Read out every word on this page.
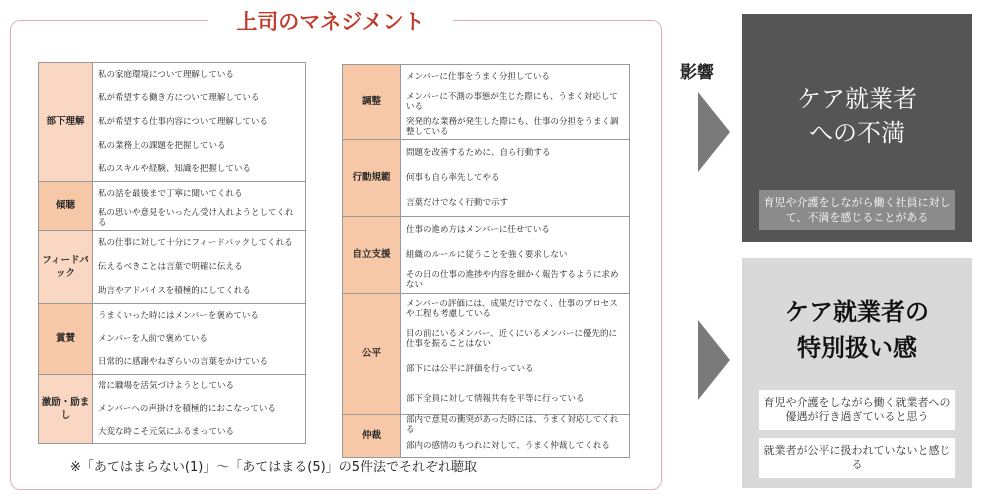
上司のマネジメント
部下理解	私の家庭環境について理解している
私が希望する働き方について理解している
私が希望する仕事内容について理解している
私の業務上の課題を把握している
私のスキルや経験、知識を把握している

傾聴	私の話を最後まで丁寧に聞いてくれる
私の思いや意見をいったん受け入れようとしてくれる

フィードバック	私の仕事に対して十分にフィードバックしてくれる
伝えるべきことは言葉で明確に伝える
助言やアドバイスを積極的にしてくれる

賞賛	うまくいった時にはメンバーを褒めている
メンバーを人前で褒めている
日常的に感謝やねぎらいの言葉をかけている

激励・励まし	常に職場を活気づけようとしている
メンバーへの声掛けを積極的におこなっている
大変な時こそ元気にふるまっている
調整	メンバーに仕事をうまく分担している
メンバーに不測の事態が生じた際にも、うまく対応している
突発的な業務が発生した際にも、仕事の分担をうまく調整している

行動規範	問題を改善するために、自ら行動する
何事も自ら率先してやる
言葉だけでなく行動で示す

自立支援	仕事の進め方はメンバーに任せている
組織のルールに従うことを強く要求しない
その日の仕事の進捗や内容を細かく報告するように求めない

公平	メンバーの評価には、成果だけでなく、仕事のプロセスや工程も考慮している
目の前にいるメンバー、近くにいるメンバーに優先的に仕事を振ることはない
部下には公平に評価を行っている
部下全員に対して情報共有を平等に行っている

仲裁	部内で意見の衝突があった時には、うまく対応してくれる
部内の感情のもつれに対して、うまく仲裁してくれる
※「あてはまらない(1)」～「あてはまる(5)」の5件法でそれぞれ聴取
影響
ケア就業者
への不満
育児や介護をしながら働く社員に対して、不満を感じることがある
ケア就業者の
特別扱い感
育児や介護をしながら働く就業者への優遇が行き過ぎていると思う
就業者が公平に扱われていないと感じる
